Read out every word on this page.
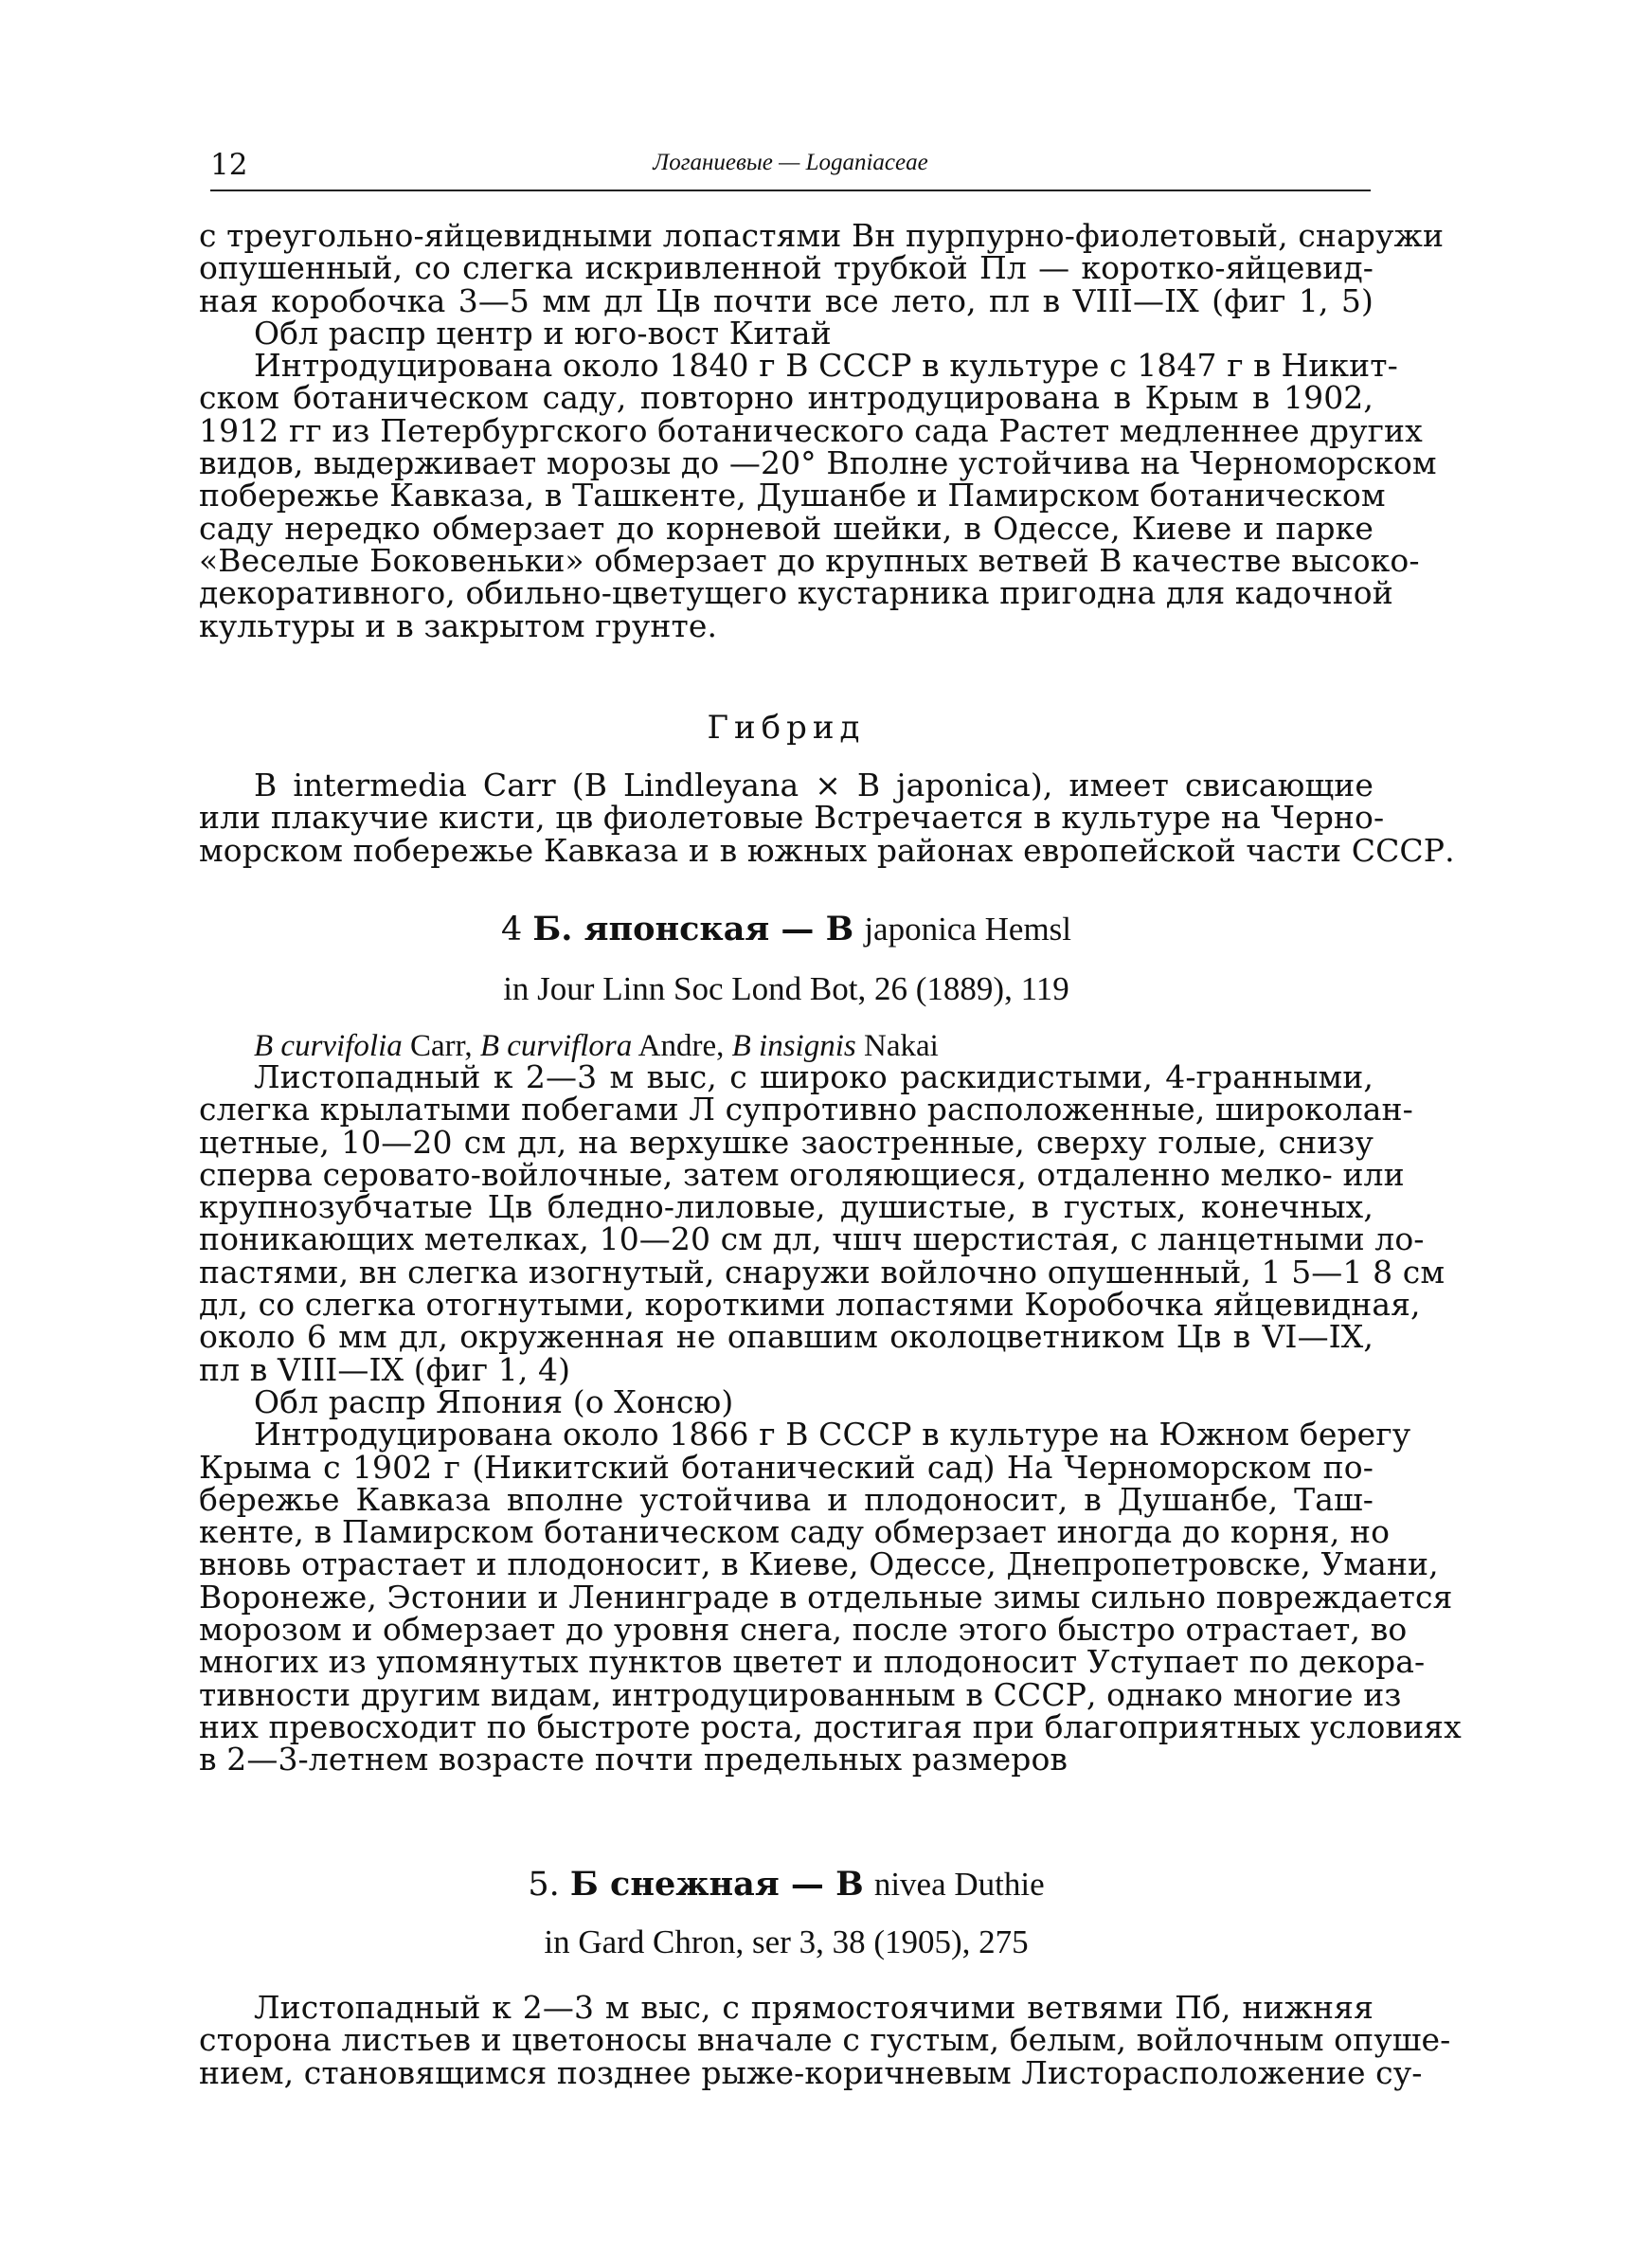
12	Логаниевые — Loganiaceae
с треугольно-яйцевидными лопастями Вн пурпурно-фиолетовый, снаружи
опушенный, со слегка искривленной трубкой Пл — коротко-яйцевид-
ная коробочка 3—5 мм дл Цв почти все лето, пл в VIII—IX (фиг 1, 5)
Обл распр центр и юго-вост Китай
Интродуцирована около 1840 г В СССР в культуре с 1847 г в Никит-
ском ботаническом саду, повторно интродуцирована в Крым в 1902,
1912 гг из Петербургского ботанического сада Растет медленнее других
видов, выдерживает морозы до —20° Вполне устойчива на Черноморском
побережье Кавказа, в Ташкенте, Душанбе и Памирском ботаническом
саду нередко обмерзает до корневой шейки, в Одессе, Киеве и парке
«Веселые Боковеньки» обмерзает до крупных ветвей В качестве высоко-
декоративного, обильно-цветущего кустарника пригодна для кадочной
культуры и в закрытом грунте.
Гибрид
B intermedia Carr (B Lindleyana × B japonica), имеет свисающие
или плакучие кисти, цв фиолетовые Встречается в культуре на Черно-
морском побережье Кавказа и в южных районах европейской части СССР.
4 Б. японская — B japonica Hemsl
in Jour Linn Soc Lond Bot, 26 (1889), 119
B curvifolia Carr, B curviflora Andre, B insignis Nakai
Листопадный к 2—3 м выс, с широко раскидистыми, 4-гранными,
слегка крылатыми побегами Л супротивно расположенные, широколан-
цетные, 10—20 см дл, на верхушке заостренные, сверху голые, снизу
сперва серовато-войлочные, затем оголяющиеся, отдаленно мелко- или
крупнозубчатые Цв бледно-лиловые, душистые, в густых, конечных,
поникающих метелках, 10—20 см дл, чшч шерстистая, с ланцетными ло-
пастями, вн слегка изогнутый, снаружи войлочно опушенный, 1 5—1 8 см
дл, со слегка отогнутыми, короткими лопастями Коробочка яйцевидная,
около 6 мм дл, окруженная не опавшим околоцветником Цв в VI—IX,
пл в VIII—IX (фиг 1, 4)
Обл распр Япония (о Хонсю)
Интродуцирована около 1866 г В СССР в культуре на Южном берегу
Крыма с 1902 г (Никитский ботанический сад) На Черноморском по-
бережье Кавказа вполне устойчива и плодоносит, в Душанбе, Таш-
кенте, в Памирском ботаническом саду обмерзает иногда до корня, но
вновь отрастает и плодоносит, в Киеве, Одессе, Днепропетровске, Умани,
Воронеже, Эстонии и Ленинграде в отдельные зимы сильно повреждается
морозом и обмерзает до уровня снега, после этого быстро отрастает, во
многих из упомянутых пунктов цветет и плодоносит Уступает по декора-
тивности другим видам, интродуцированным в СССР, однако многие из
них превосходит по быстроте роста, достигая при благоприятных условиях
в 2—3-летнем возрасте почти предельных размеров
5. Б снежная — B nivea Duthie
in Gard Chron, ser 3, 38 (1905), 275
Листопадный к 2—3 м выс, с прямостоячими ветвями Пб, нижняя
сторона листьев и цветоносы вначале с густым, белым, войлочным опуше-
нием, становящимся позднее рыже-коричневым Листорасположение су-
